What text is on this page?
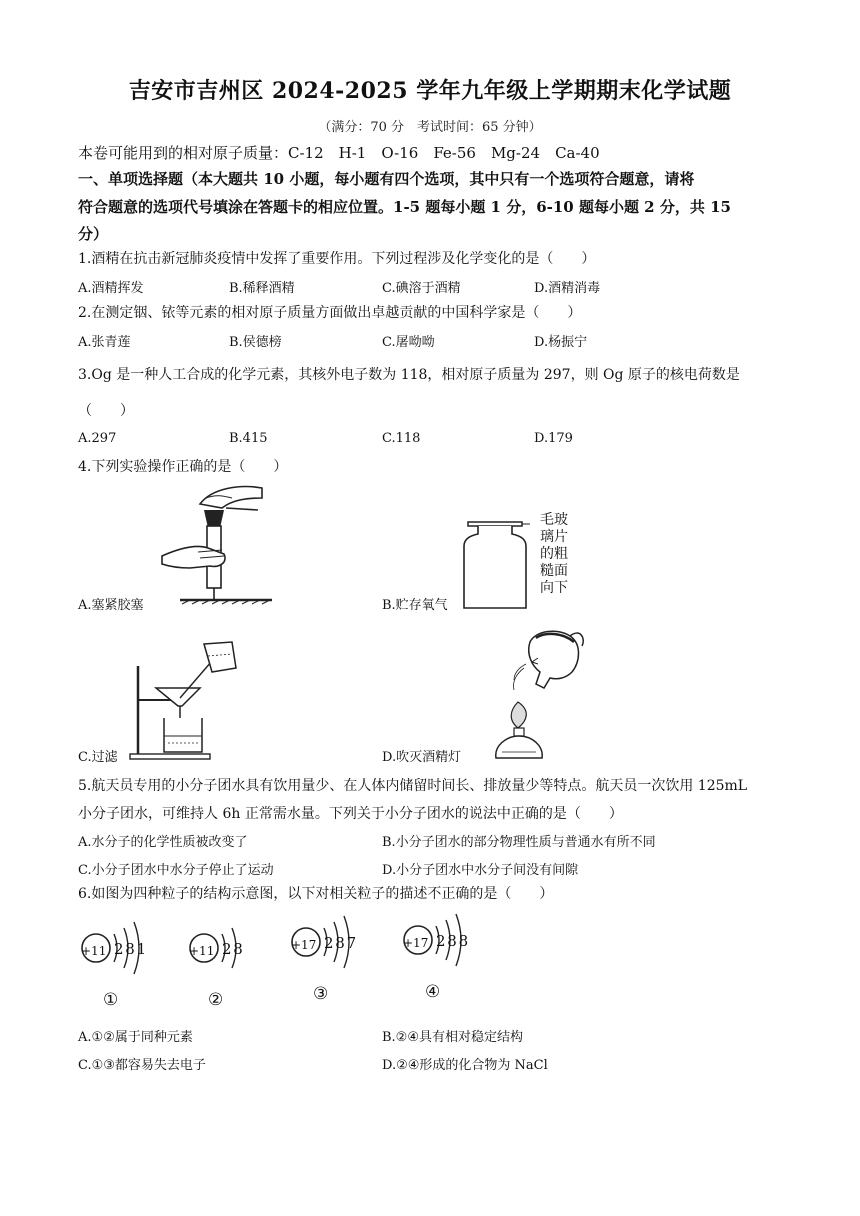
吉安市吉州区 2024-2025 学年九年级上学期期末化学试题
（满分：70 分　考试时间：65 分钟）
本卷可能用到的相对原子质量：C-12　H-1　O-16　Fe-56　Mg-24　Ca-40
一、单项选择题（本大题共 10 小题，每小题有四个选项，其中只有一个选项符合题意，请将
符合题意的选项代号填涂在答题卡的相应位置。1-5 题每小题 1 分，6-10 题每小题 2 分，共 15
分）
1.酒精在抗击新冠肺炎疫情中发挥了重要作用。下列过程涉及化学变化的是（　　）
A.酒精挥发	B.稀释酒精	C.碘溶于酒精	D.酒精消毒
2.在测定铟、铱等元素的相对原子质量方面做出卓越贡献的中国科学家是（　　）
A.张青莲	B.侯德榜	C.屠呦呦	D.杨振宁
3.Og 是一种人工合成的化学元素，其核外电子数为 118，相对原子质量为 297，则 Og 原子的核电荷数是
（　　）
A.297	B.415	C.118	D.179
4.下列实验操作正确的是（　　）
A.塞紧胶塞
毛玻
璃片
的粗
糙面
向下
B.贮存氧气
C.过滤	D.吹灭酒精灯
5.航天员专用的小分子团水具有饮用量少、在人体内储留时间长、排放量少等特点。航天员一次饮用 125mL
小分子团水，可维持人 6h 正常需水量。下列关于小分子团水的说法中正确的是（　　）
A.水分子的化学性质被改变了	B.小分子团水的部分物理性质与普通水有所不同
C.小分子团水中水分子停止了运动	D.小分子团水中水分子间没有间隙
6.如图为四种粒子的结构示意图，以下对相关粒子的描述不正确的是（　　）
+11 2 8 1
①
+11 2 8
②
+17 2 8 7
③
+17 2 8 8
④
A.①②属于同种元素	B.②④具有相对稳定结构
C.①③都容易失去电子	D.②④形成的化合物为 NaCl
